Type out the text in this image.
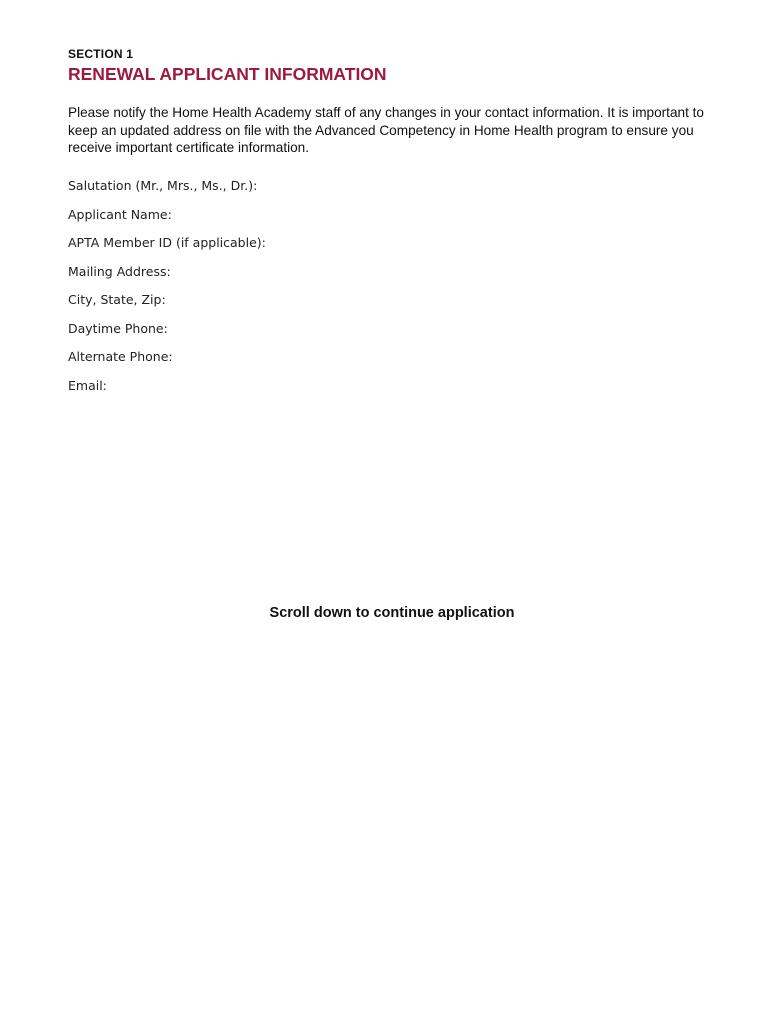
SECTION 1
RENEWAL APPLICANT INFORMATION
Please notify the Home Health Academy staff of any changes in your contact information. It is important to
keep an updated address on file with the Advanced Competency in Home Health program to ensure you
receive important certificate information.
Salutation (Mr., Mrs., Ms., Dr.):
Applicant Name:
APTA Member ID (if applicable):
Mailing Address:
City, State, Zip:
Daytime Phone:
Alternate Phone:
Email:
Scroll down to continue application
